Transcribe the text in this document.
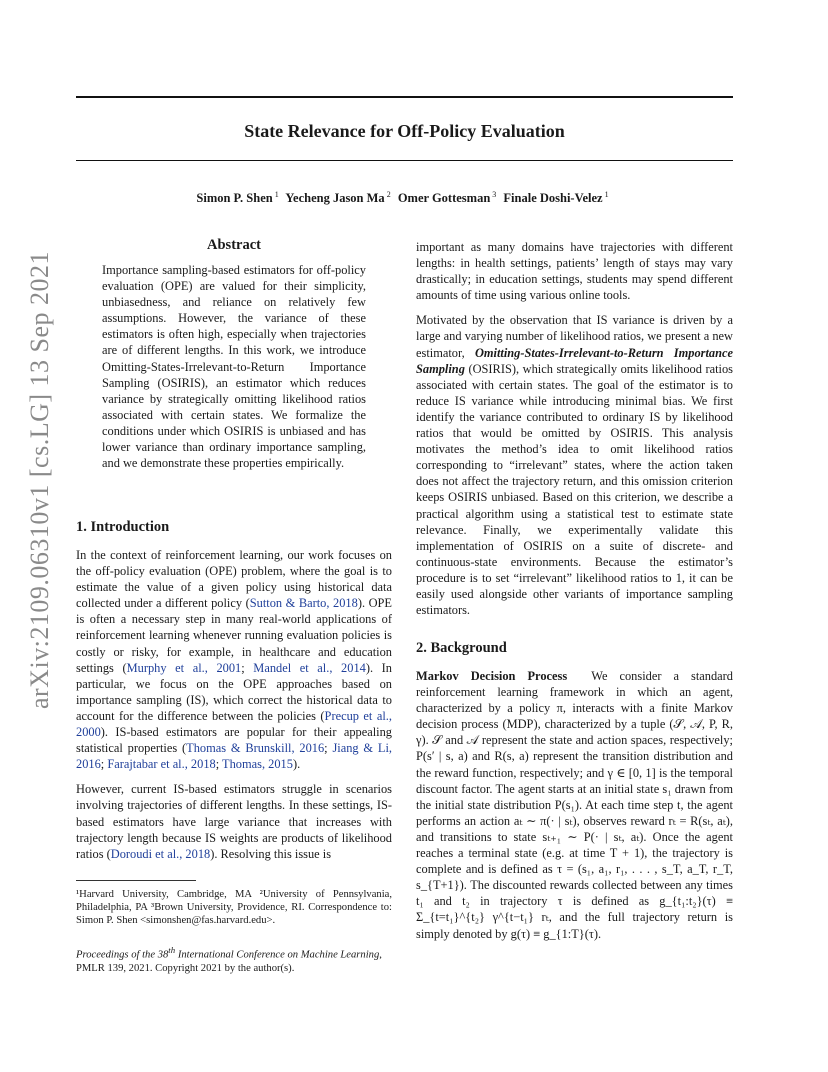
State Relevance for Off-Policy Evaluation
Simon P. Shen $^1$ Yecheng Jason Ma $^2$ Omer Gottesman $^3$ Finale Doshi-Velez $^1$
arXiv:2109.06310v1 [cs.LG] 13 Sep 2021
Abstract
Importance sampling-based estimators for off-policy evaluation (OPE) are valued for their simplicity, unbiasedness, and reliance on relatively few assumptions. However, the variance of these estimators is often high, especially when trajectories are of different lengths. In this work, we introduce Omitting-States-Irrelevant-to-Return Importance Sampling (OSIRIS), an estimator which reduces variance by strategically omitting likelihood ratios associated with certain states. We formalize the conditions under which OSIRIS is unbiased and has lower variance than ordinary importance sampling, and we demonstrate these properties empirically.
1. Introduction

In the context of reinforcement learning, our work focuses on the off-policy evaluation (OPE) problem, where the goal is to estimate the value of a given policy using historical data collected under a different policy (Sutton & Barto, 2018). OPE is often a necessary step in many real-world applications of reinforcement learning whenever running evaluation policies is costly or risky, for example, in healthcare and education settings (Murphy et al., 2001; Mandel et al., 2014). In particular, we focus on the OPE approaches based on importance sampling (IS), which correct the historical data to account for the difference between the policies (Precup et al., 2000). IS-based estimators are popular for their appealing statistical properties (Thomas & Brunskill, 2016; Jiang & Li, 2016; Farajtabar et al., 2018; Thomas, 2015).

However, current IS-based estimators struggle in scenarios involving trajectories of different lengths. In these settings, IS-based estimators have large variance that increases with trajectory length because IS weights are products of likelihood ratios (Doroudi et al., 2018). Resolving this issue is

¹Harvard University, Cambridge, MA ²University of Pennsylvania, Philadelphia, PA ³Brown University, Providence, RI. Correspondence to: Simon P. Shen <simonshen@fas.harvard.edu>.
Proceedings of the 38th International Conference on Machine Learning, PMLR 139, 2021. Copyright 2021 by the author(s).

important as many domains have trajectories with different lengths: in health settings, patients’ length of stays may vary drastically; in education settings, students may spend different amounts of time using various online tools.

Motivated by the observation that IS variance is driven by a large and varying number of likelihood ratios, we present a new estimator, Omitting-States-Irrelevant-to-Return Importance Sampling (OSIRIS), which strategically omits likelihood ratios associated with certain states. The goal of the estimator is to reduce IS variance while introducing minimal bias. We first identify the variance contributed to ordinary IS by likelihood ratios that would be omitted by OSIRIS. This analysis motivates the method’s idea to omit likelihood ratios corresponding to “irrelevant” states, where the action taken does not affect the trajectory return, and this omission criterion keeps OSIRIS unbiased. Based on this criterion, we describe a practical algorithm using a statistical test to estimate state relevance. Finally, we experimentally validate this implementation of OSIRIS on a suite of discrete- and continuous-state environments. Because the estimator’s procedure is to set “irrelevant” likelihood ratios to 1, it can be easily used alongside other variants of importance sampling estimators.

2. Background

Markov Decision Process We consider a standard reinforcement learning framework in which an agent, characterized by a policy π, interacts with a finite Markov decision process (MDP), characterized by a tuple (𝒮, 𝒜, P, R, γ). 𝒮 and 𝒜 represent the state and action spaces, respectively; P(s′ | s, a) and R(s, a) represent the transition distribution and the reward function, respectively; and γ ∈ [0, 1] is the temporal discount factor. The agent starts at an initial state s₁ drawn from the initial state distribution P(s₁). At each time step t, the agent performs an action aₜ ∼ π(· | sₜ), observes reward rₜ = R(sₜ, aₜ), and transitions to state sₜ₊₁ ∼ P(· | sₜ, aₜ). Once the agent reaches a terminal state (e.g. at time T + 1), the trajectory is complete and is defined as τ = (s₁, a₁, r₁, . . . , s_T, a_T, r_T, s_{T+1}). The discounted rewards collected between any times t₁ and t₂ in trajectory τ is defined as g_{t₁:t₂}(τ) ≡ Σ_{t=t₁}^{t₂} γ^{t−t₁} rₜ, and the full trajectory return is simply denoted by g(τ) ≡ g_{1:T}(τ).
